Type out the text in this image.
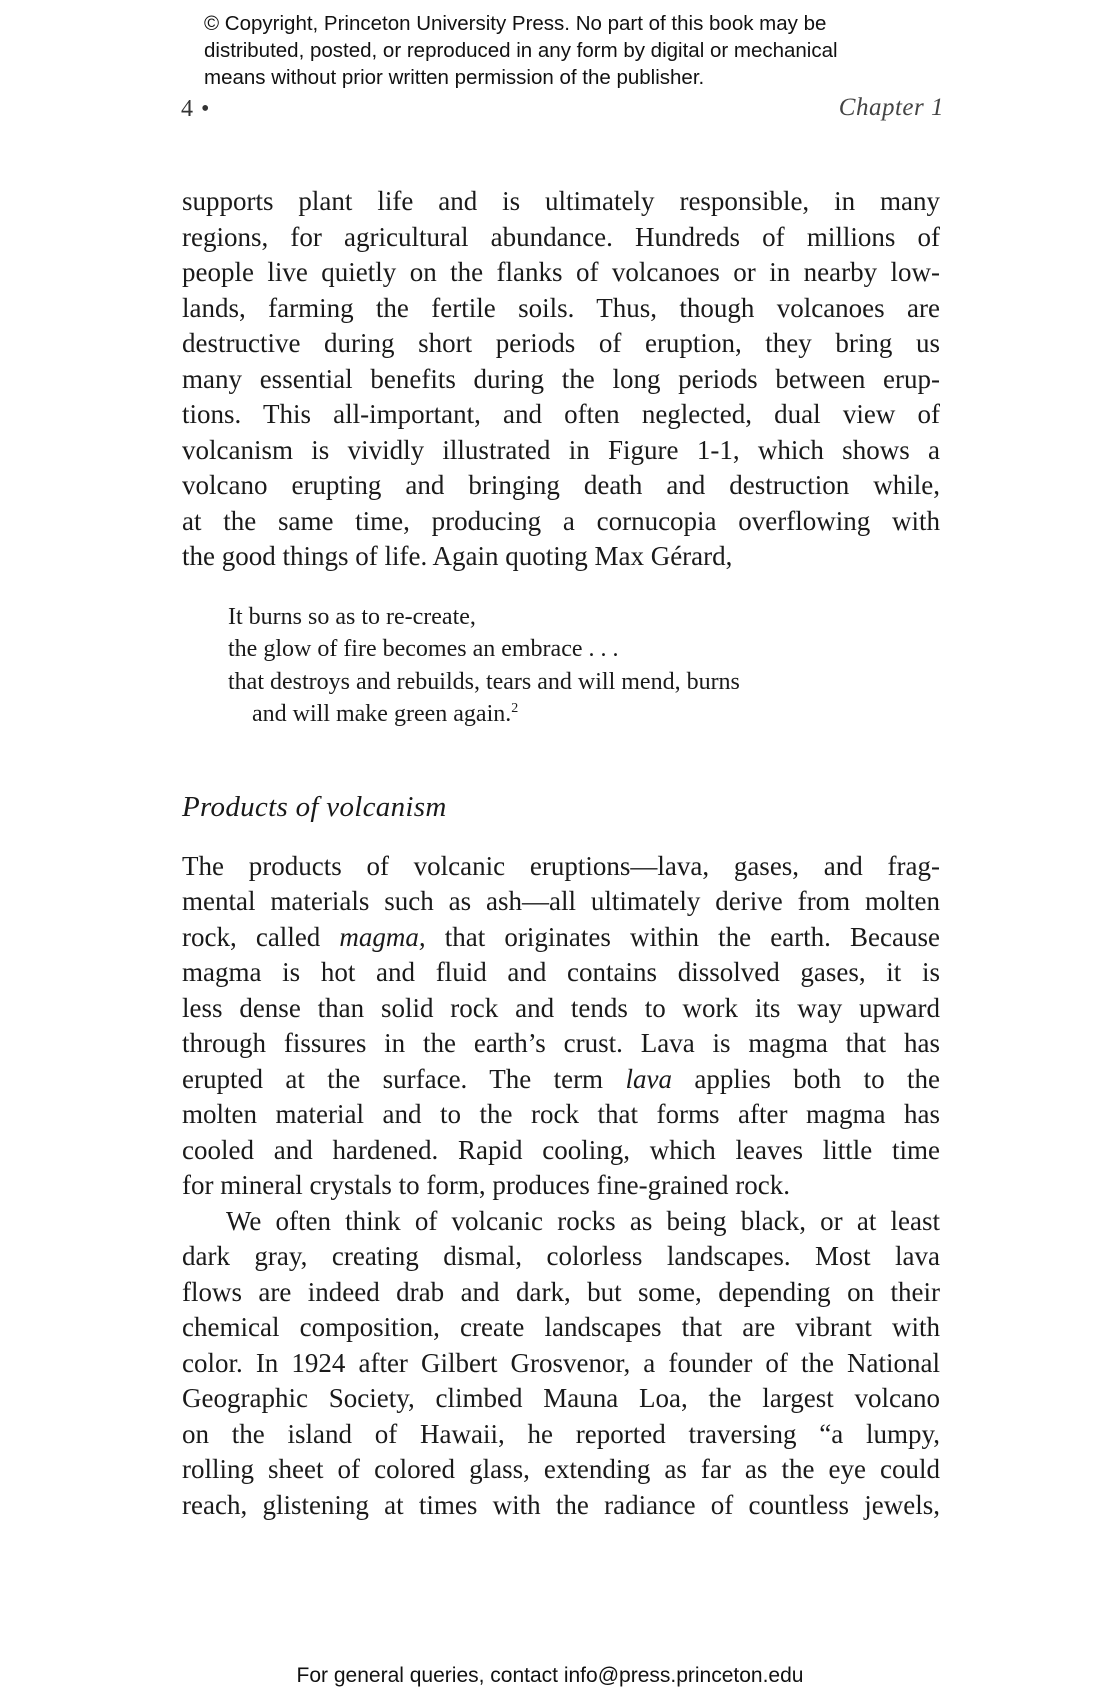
© Copyright, Princeton University Press. No part of this book may be
distributed, posted, or reproduced in any form by digital or mechanical
means without prior written permission of the publisher.
4 •	Chapter 1

supports plant life and is ultimately responsible, in many
regions, for agricultural abundance. Hundreds of millions of
people live quietly on the flanks of volcanoes or in nearby low-
lands, farming the fertile soils. Thus, though volcanoes are
destructive during short periods of eruption, they bring us
many essential benefits during the long periods between erup-
tions. This all-important, and often neglected, dual view of
volcanism is vividly illustrated in Figure 1-1, which shows a
volcano erupting and bringing death and destruction while,
at the same time, producing a cornucopia overflowing with
the good things of life. Again quoting Max Gérard,

It burns so as to re-create,
the glow of fire becomes an embrace . . .
that destroys and rebuilds, tears and will mend, burns
and will make green again.$^2$
Products of volcanism

The products of volcanic eruptions—lava, gases, and frag-
mental materials such as ash—all ultimately derive from molten
rock, called magma, that originates within the earth. Because
magma is hot and fluid and contains dissolved gases, it is
less dense than solid rock and tends to work its way upward
through fissures in the earth’s crust. Lava is magma that has
erupted at the surface. The term lava applies both to the
molten material and to the rock that forms after magma has
cooled and hardened. Rapid cooling, which leaves little time
for mineral crystals to form, produces fine-grained rock.

We often think of volcanic rocks as being black, or at least
dark gray, creating dismal, colorless landscapes. Most lava
flows are indeed drab and dark, but some, depending on their
chemical composition, create landscapes that are vibrant with
color. In 1924 after Gilbert Grosvenor, a founder of the National
Geographic Society, climbed Mauna Loa, the largest volcano
on the island of Hawaii, he reported traversing “a lumpy,
rolling sheet of colored glass, extending as far as the eye could
reach, glistening at times with the radiance of countless jewels,

For general queries, contact info@press.princeton.edu
